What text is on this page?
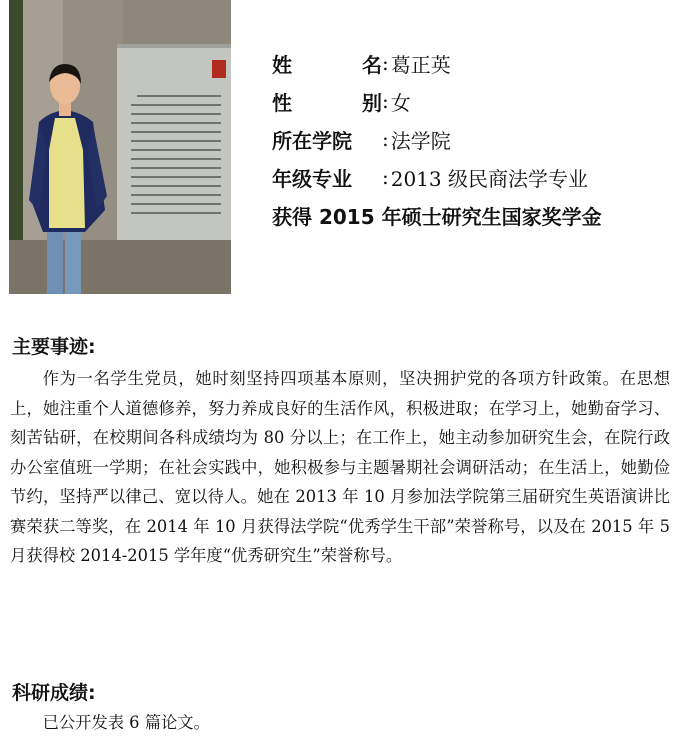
姓	名 : 葛正英
性	别 : 女
所在学院	: 法学院
年级专业	: 2013 级民商法学专业
获得 2015 年硕士研究生国家奖学金
主要事迹:

作为一名学生党员，她时刻坚持四项基本原则，坚决拥护党的各项方针政策。在思想上，她注重个人道德修养，努力养成良好的生活作风，积极进取；在学习上，她勤奋学习、刻苦钻研，在校期间各科成绩均为 80 分以上；在工作上，她主动参加研究生会，在院行政办公室值班一学期；在社会实践中，她积极参与主题暑期社会调研活动；在生活上，她勤俭节约，坚持严以律己、宽以待人。她在 2013 年 10 月参加法学院第三届研究生英语演讲比赛荣获二等奖，在 2014 年 10 月获得法学院“优秀学生干部”荣誉称号，以及在 2015 年 5 月获得校 2014-2015 学年度“优秀研究生”荣誉称号。

科研成绩:

已公开发表 6 篇论文。
